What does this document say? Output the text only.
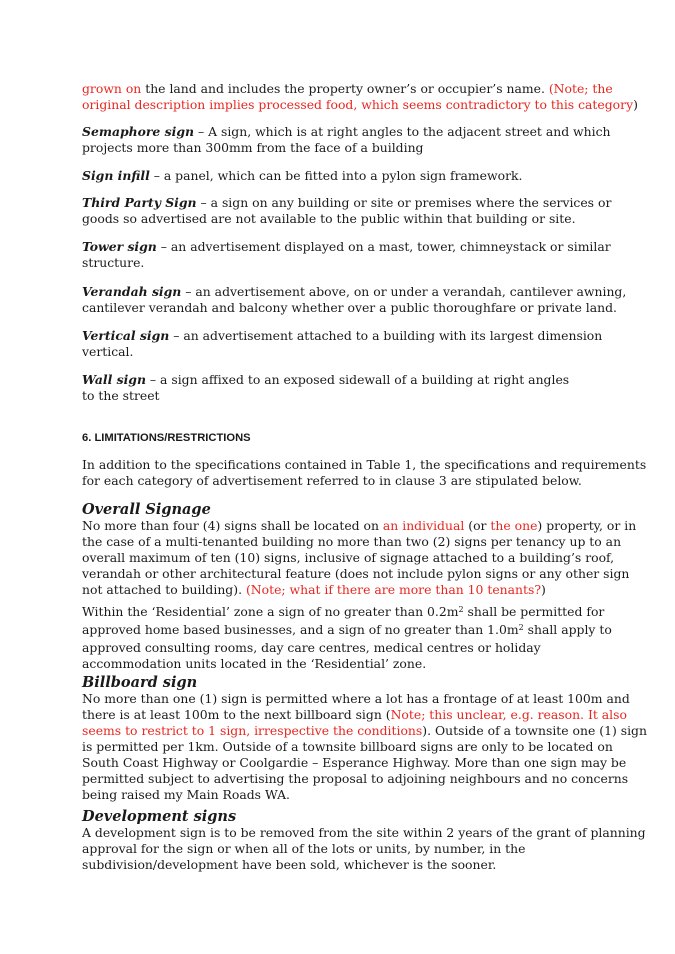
grown on the land and includes the property owner’s or occupier’s name. (Note; the
original description implies processed food, which seems contradictory to this category)

Semaphore sign – A sign, which is at right angles to the adjacent street and which
projects more than 300mm from the face of a building

Sign infill – a panel, which can be fitted into a pylon sign framework.

Third Party Sign – a sign on any building or site or premises where the services or
goods so advertised are not available to the public within that building or site.

Tower sign – an advertisement displayed on a mast, tower, chimneystack or similar
structure.

Verandah sign – an advertisement above, on or under a verandah, cantilever awning,
cantilever verandah and balcony whether over a public thoroughfare or private land.

Vertical sign – an advertisement attached to a building with its largest dimension
vertical.

Wall sign – a sign affixed to an exposed sidewall of a building at right angles
to the street

6. LIMITATIONS/RESTRICTIONS

In addition to the specifications contained in Table 1, the specifications and requirements
for each category of advertisement referred to in clause 3 are stipulated below.

Overall Signage

No more than four (4) signs shall be located on an individual (or the one) property, or in
the case of a multi-tenanted building no more than two (2) signs per tenancy up to an
overall maximum of ten (10) signs, inclusive of signage attached to a building’s roof,
verandah or other architectural feature (does not include pylon signs or any other sign
not attached to building). (Note; what if there are more than 10 tenants?)

Within the ‘Residential’ zone a sign of no greater than $0.2m^2$ shall be permitted for
approved home based businesses, and a sign of no greater than $1.0m^2$ shall apply to
approved consulting rooms, day care centres, medical centres or holiday
accommodation units located in the ‘Residential’ zone.

Billboard sign

No more than one (1) sign is permitted where a lot has a frontage of at least 100m and
there is at least 100m to the next billboard sign (Note; this unclear, e.g. reason. It also
seems to restrict to 1 sign, irrespective the conditions). Outside of a townsite one (1) sign
is permitted per 1km. Outside of a townsite billboard signs are only to be located on
South Coast Highway or Coolgardie – Esperance Highway. More than one sign may be
permitted subject to advertising the proposal to adjoining neighbours and no concerns
being raised my Main Roads WA.

Development signs

A development sign is to be removed from the site within 2 years of the grant of planning
approval for the sign or when all of the lots or units, by number, in the
subdivision/development have been sold, whichever is the sooner.
